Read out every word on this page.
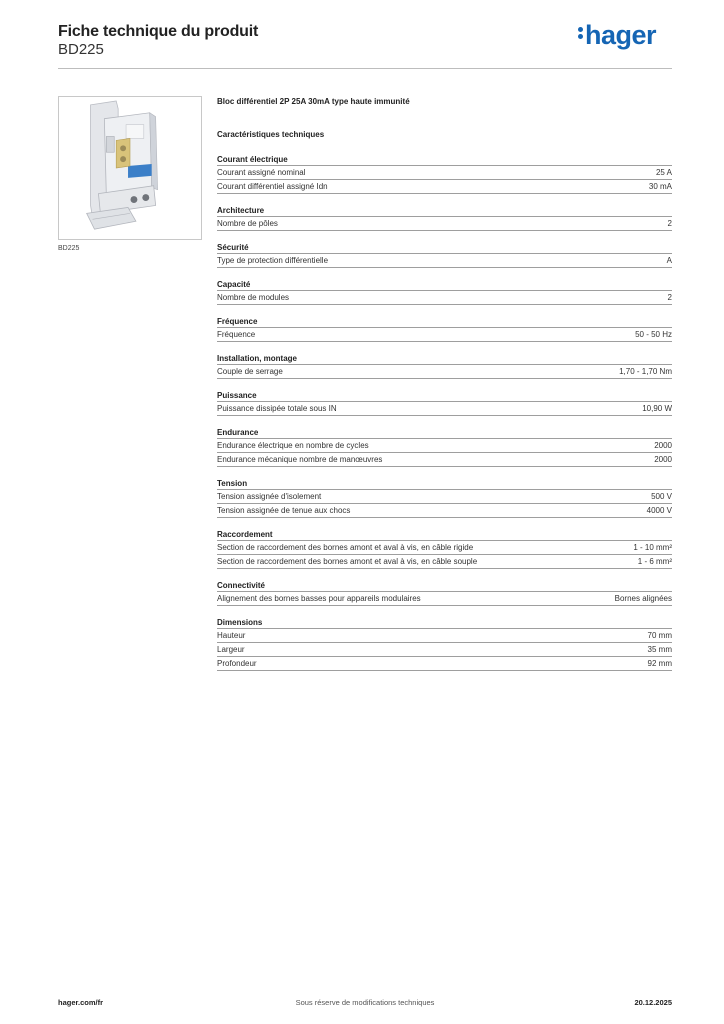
Fiche technique du produit
BD225	hager
BD225
Bloc différentiel 2P 25A 30mA type haute immunité
Caractéristiques techniques
Courant électrique
Courant assigné nominal	25 A
Courant différentiel assigné Idn	30 mA
Architecture
Nombre de pôles	2
Sécurité
Type de protection différentielle	A
Capacité
Nombre de modules	2
Fréquence
Fréquence	50 - 50 Hz
Installation, montage
Couple de serrage	1,70 - 1,70 Nm
Puissance
Puissance dissipée totale sous IN	10,90 W
Endurance
Endurance électrique en nombre de cycles	2000
Endurance mécanique nombre de manœuvres	2000
Tension
Tension assignée d'isolement	500 V
Tension assignée de tenue aux chocs	4000 V
Raccordement
Section de raccordement des bornes amont et aval à vis, en câble rigide	1 - 10 mm²
Section de raccordement des bornes amont et aval à vis, en câble souple	1 - 6 mm²
Connectivité
Alignement des bornes basses pour appareils modulaires	Bornes alignées
Dimensions
Hauteur	70 mm
Largeur	35 mm
Profondeur	92 mm
Sous réserve de modifications techniques
hager.com/fr	20.12.2025
